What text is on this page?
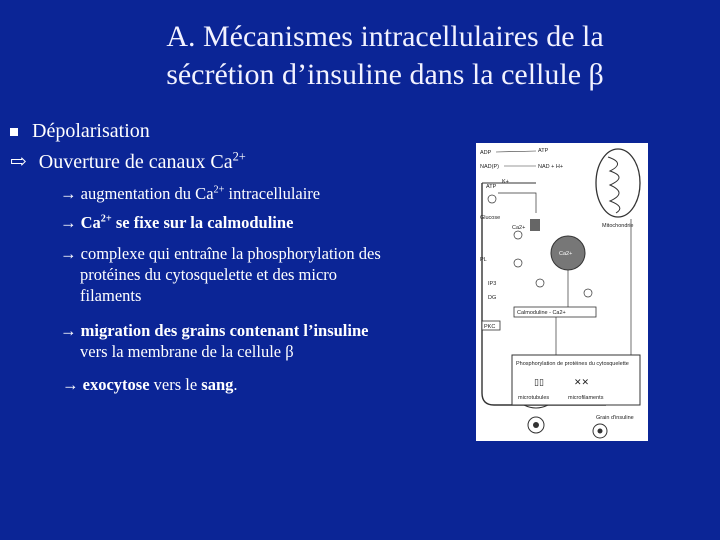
A. Mécanismes intracellulaires de la
sécrétion d’insuline dans la cellule β
Dépolarisation
⇨ Ouverture de canaux $Ca^{2+}$
→ augmentation du $Ca^{2+}$ intracellulaire
→ $Ca^{2+}$ se fixe sur la calmoduline
→ complexe qui entraîne la phosphorylation des
protéines du cytosquelette et des micro
filaments
→ migration des grains contenant l’insuline
vers la membrane de la cellule β
→ exocytose vers le sang.
ADP	ATP
NAD(P)	NAD + H+
Mitochondrie
ATP
K+
Ca2+
Glucose
Ca2+
PL
IP3
DG
Calmoduline - Ca2+
PKC
Phosphorylation de protéines du cytosquelette
▯▯	✕✕
microtubules	microfilaments
Grain d'insuline
